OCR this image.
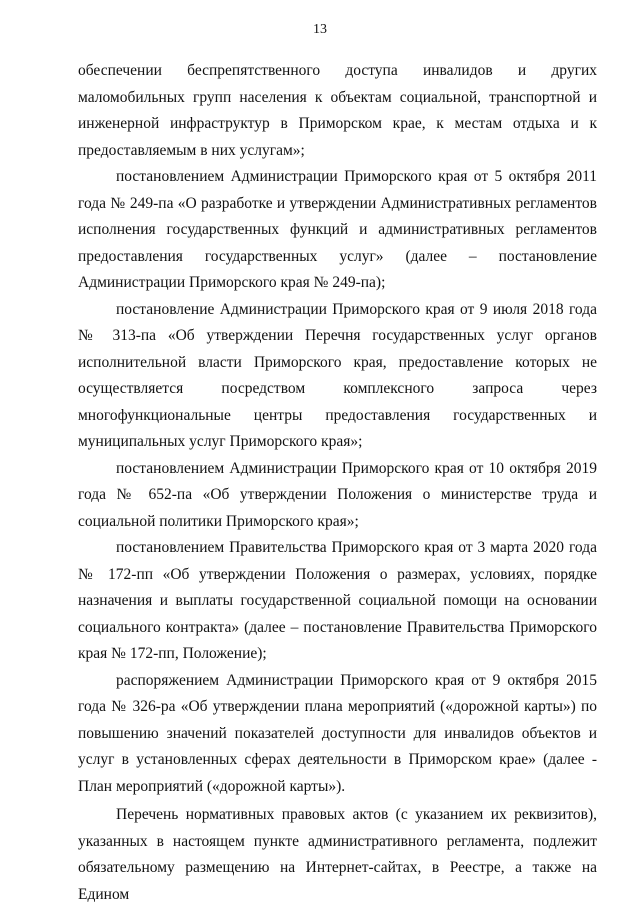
13

обеспечении беспрепятственного доступа инвалидов и других маломобильных групп населения к объектам социальной, транспортной и инженерной инфраструктур в Приморском крае, к местам отдыха и к предоставляемым в них услугам»;

постановлением Администрации Приморского края от 5 октября 2011 года № 249-па «О разработке и утверждении Административных регламентов исполнения государственных функций и административных регламентов предоставления государственных услуг» (далее – постановление Администрации Приморского края № 249-па);

постановление Администрации Приморского края от 9 июля 2018 года № 313-па «Об утверждении Перечня государственных услуг органов исполнительной власти Приморского края, предоставление которых не осуществляется посредством комплексного запроса через многофункциональные центры предоставления государственных и муниципальных услуг Приморского края»;

постановлением Администрации Приморского края от 10 октября 2019 года № 652-па «Об утверждении Положения о министерстве труда и социальной политики Приморского края»;

постановлением Правительства Приморского края от 3 марта 2020 года № 172-пп «Об утверждении Положения о размерах, условиях, порядке назначения и выплаты государственной социальной помощи на основании социального контракта» (далее – постановление Правительства Приморского края № 172-пп, Положение);

распоряжением Администрации Приморского края от 9 октября 2015 года № 326-ра «Об утверждении плана мероприятий («дорожной карты») по повышению значений показателей доступности для инвалидов объектов и услуг в установленных сферах деятельности в Приморском крае» (далее - План мероприятий («дорожной карты»).

Перечень нормативных правовых актов (с указанием их реквизитов), указанных в настоящем пункте административного регламента, подлежит обязательному размещению на Интернет-сайтах, в Реестре, а также на Едином
